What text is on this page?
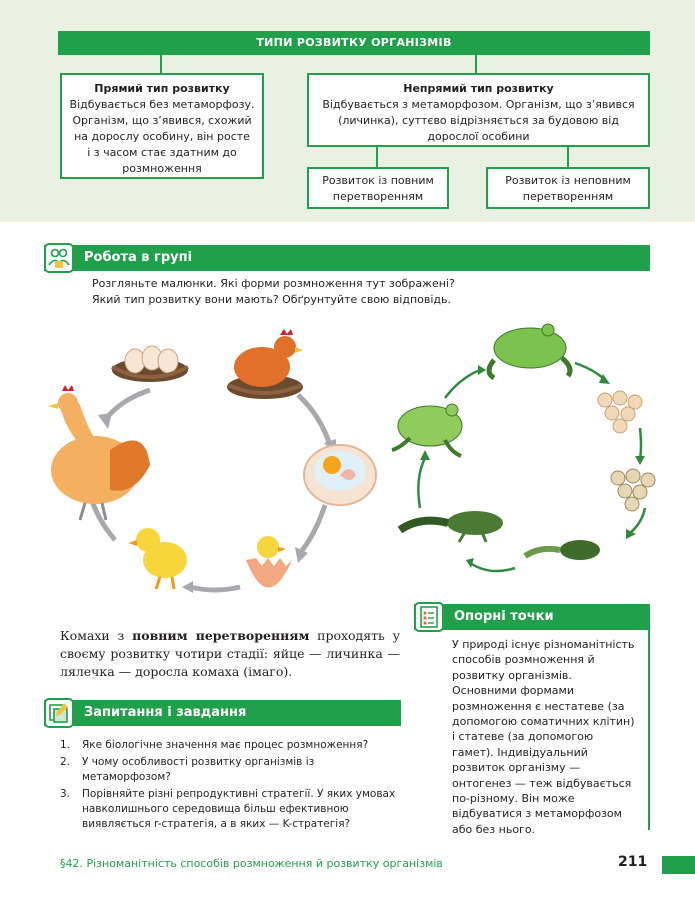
ТИПИ РОЗВИТКУ ОРГАНІЗМІВ
Прямий тип розвитку
Відбувається без метаморфозу.
Організм, що з’явився, схожий
на дорослу особину, він росте
і з часом стає здатним до
розмноження
Непрямий тип розвитку
Відбувається з метаморфозом. Організм, що з’явився
(личинка), суттєво відрізняється за будовою від
дорослої особини
Розвиток із повним
перетворенням
Розвиток із неповним
перетворенням
Робота в групі
Розгляньте малюнки. Які форми розмноження тут зображені?
Який тип розвитку вони мають? Обґрунтуйте свою відповідь.
Комахи з повним перетворенням проходять у своєму розвитку чотири стадії: яйце — личинка — лялечка — доросла комаха (імаго).
Запитання і завдання
1. Яке біологічне значення має процес розмноження?
2. У чому особливості розвитку організмів із метаморфозом?
3. Порівняйте різні репродуктивні стратегії. У яких умовах навколишнього середовища більш ефективною виявляється r-стратегія, а в яких — K-стратегія?
Опорні точки
У природі існує різноманітність способів розмноження й розвитку організмів. Основними формами розмноження є нестатеве (за допомогою соматичних клітин) і статеве (за допомогою гамет). Індивідуальний розвиток організму — онтогенез — теж відбувається по-різному. Він може відбуватися з метаморфозом або без нього.
§42. Різноманітність способів розмноження й розвитку організмів	211
